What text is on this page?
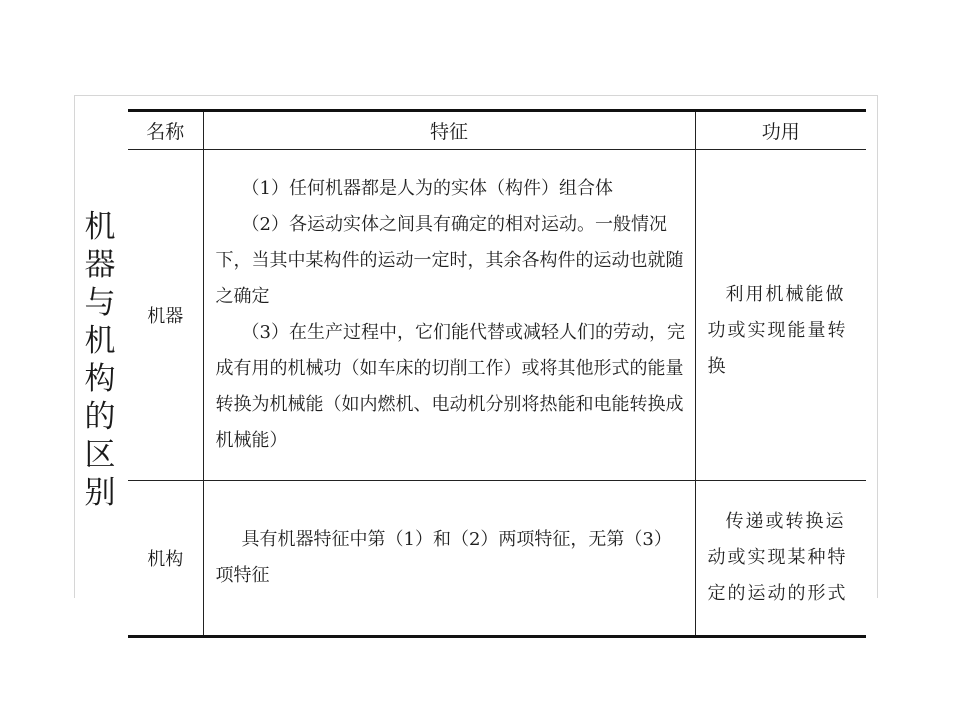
机
器
与
机
构
的
区
别
名称	特征	功用
机器	（1）任何机器都是人为的实体（构件）组合体

（2）各运动实体之间具有确定的相对运动。一般情况下，当其中某构件的运动一定时，其余各构件的运动也就随之确定

（3）在生产过程中，它们能代替或减轻人们的劳动，完成有用的机械功（如车床的切削工作）或将其他形式的能量转换为机械能（如内燃机、电动机分别将热能和电能转换成机械能）	利用机械能做功或实现能量转换

机构	具有机器特征中第（1）和（2）两项特征，无第（3）项特征	传递或转换运动或实现某种特定的运动的形式
